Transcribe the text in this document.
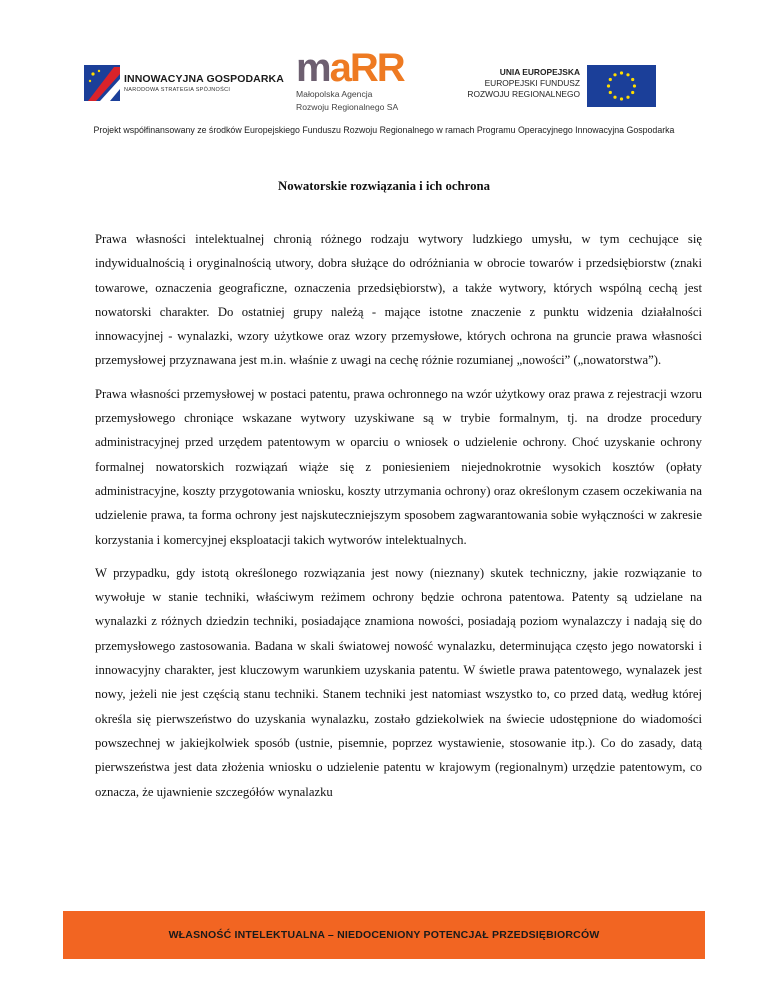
INNOWACYJNA GOSPODARKA
NARODOWA STRATEGIA SPÓJNOŚCI	maRR
Małopolska Agencja
Rozwoju Regionalnego SA
UNIA EUROPEJSKA
EUROPEJSKI FUNDUSZ
ROZWOJU REGIONALNEGO
Projekt współfinansowany ze środków Europejskiego Funduszu Rozwoju Regionalnego w ramach Programu Operacyjnego Innowacyjna Gospodarka
Nowatorskie rozwiązania i ich ochrona

Prawa własności intelektualnej chronią różnego rodzaju wytwory ludzkiego umysłu, w tym cechujące się indywidualnością i oryginalnością utwory, dobra służące do odróżniania w obrocie towarów i przedsiębiorstw (znaki towarowe, oznaczenia geograficzne, oznaczenia przedsiębiorstw), a także wytwory, których wspólną cechą jest nowatorski charakter. Do ostatniej grupy należą - mające istotne znaczenie z punktu widzenia działalności innowacyjnej - wynalazki, wzory użytkowe oraz wzory przemysłowe, których ochrona na gruncie prawa własności przemysłowej przyznawana jest m.in. właśnie z uwagi na cechę różnie rozumianej „nowości” („nowatorstwa”).

Prawa własności przemysłowej w postaci patentu, prawa ochronnego na wzór użytkowy oraz prawa z rejestracji wzoru przemysłowego chroniące wskazane wytwory uzyskiwane są w trybie formalnym, tj. na drodze procedury administracyjnej przed urzędem patentowym w oparciu o wniosek o udzielenie ochrony. Choć uzyskanie ochrony formalnej nowatorskich rozwiązań wiąże się z poniesieniem niejednokrotnie wysokich kosztów (opłaty administracyjne, koszty przygotowania wniosku, koszty utrzymania ochrony) oraz określonym czasem oczekiwania na udzielenie prawa, ta forma ochrony jest najskuteczniejszym sposobem zagwarantowania sobie wyłączności w zakresie korzystania i komercyjnej eksploatacji takich wytworów intelektualnych.

W przypadku, gdy istotą określonego rozwiązania jest nowy (nieznany) skutek techniczny, jakie rozwiązanie to wywołuje w stanie techniki, właściwym reżimem ochrony będzie ochrona patentowa. Patenty są udzielane na wynalazki z różnych dziedzin techniki, posiadające znamiona nowości, posiadają poziom wynalazczy i nadają się do przemysłowego zastosowania. Badana w skali światowej nowość wynalazku, determinująca często jego nowatorski i innowacyjny charakter, jest kluczowym warunkiem uzyskania patentu. W świetle prawa patentowego, wynalazek jest nowy, jeżeli nie jest częścią stanu techniki. Stanem techniki jest natomiast wszystko to, co przed datą, według której określa się pierwszeństwo do uzyskania wynalazku, zostało gdziekolwiek na świecie udostępnione do wiadomości powszechnej w jakiejkolwiek sposób (ustnie, pisemnie, poprzez wystawienie, stosowanie itp.). Co do zasady, datą pierwszeństwa jest data złożenia wniosku o udzielenie patentu w krajowym (regionalnym) urzędzie patentowym, co oznacza, że ujawnienie szczegółów wynalazku

WŁASNOŚĆ INTELEKTUALNA – NIEDOCENIONY POTENCJAŁ PRZEDSIĘBIORCÓW
